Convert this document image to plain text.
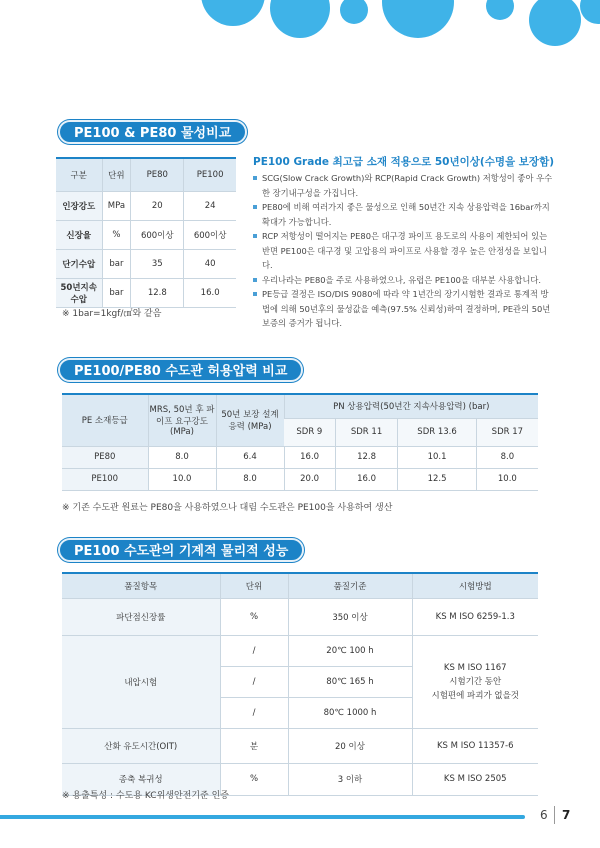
PE100 & PE80 물성비교
구분	단위	PE80	PE100
인장강도	MPa	20	24
신장율	%	600이상	600이상
단기수압	bar	35	40
50년지속 수압	bar	12.8	16.0
※ 1bar=1kgf/㎠와 같음
PE100 Grade 최고급 소재 적용으로 50년이상(수명을 보장함)
SCG(Slow Crack Growth)와 RCP(Rapid Crack Growth) 저항성이 좋아 우수한 장기내구성을 가집니다.
PE80에 비해 여러가지 좋은 물성으로 인해 50년간 지속 상용압력을 16bar까지 확대가 가능합니다.
RCP 저항성이 떨어지는 PE80은 대구경 파이프 용도로의 사용이 제한되어 있는 반면 PE100은 대구경 및 고압용의 파이프로 사용할 경우 높은 안정성을 보입니다.
우리나라는 PE80을 주로 사용하였으나, 유럽은 PE100을 대부분 사용합니다.
PE등급 결정은 ISO/DIS 9080에 따라 약 1년간의 장기시험한 결과로 통계적 방법에 의해 50년후의 물성값을 예측(97.5% 신뢰성)하여 결정하며, PE관의 50년 보증의 증거가 됩니다.
PE100/PE80 수도관 허용압력 비교
PE 소재등급	MRS, 50년 후 파이프 요구강도 (MPa)	50년 보장 설계 응력 (MPa)	PN 상용압력(50년간 지속사용압력) (bar)			
			SDR 9	SDR 11	SDR 13.6	SDR 17
PE80	8.0	6.4	16.0	12.8	10.1	8.0
PE100	10.0	8.0	20.0	16.0	12.5	10.0
※ 기존 수도관 원료는 PE80을 사용하였으나 대림 수도관은 PE100을 사용하여 생산
PE100 수도관의 기계적 물리적 성능
품질항목	단위	품질기준	시험방법
파단점신장률	%	350 이상	KS M ISO 6259-1.3
내압시험	/	20℃ 100 h	KS M ISO 1167
시험기간 동안
시험편에 파괴가 없을것

	/	80℃ 165 h	
	/	80℃ 1000 h	
산화 유도시간(OIT)	분	20 이상	KS M ISO 11357-6
종축 복귀성	%	3 이하	KS M ISO 2505
※ 용출특성 : 수도용 KC위생안전기준 인증
6 7
